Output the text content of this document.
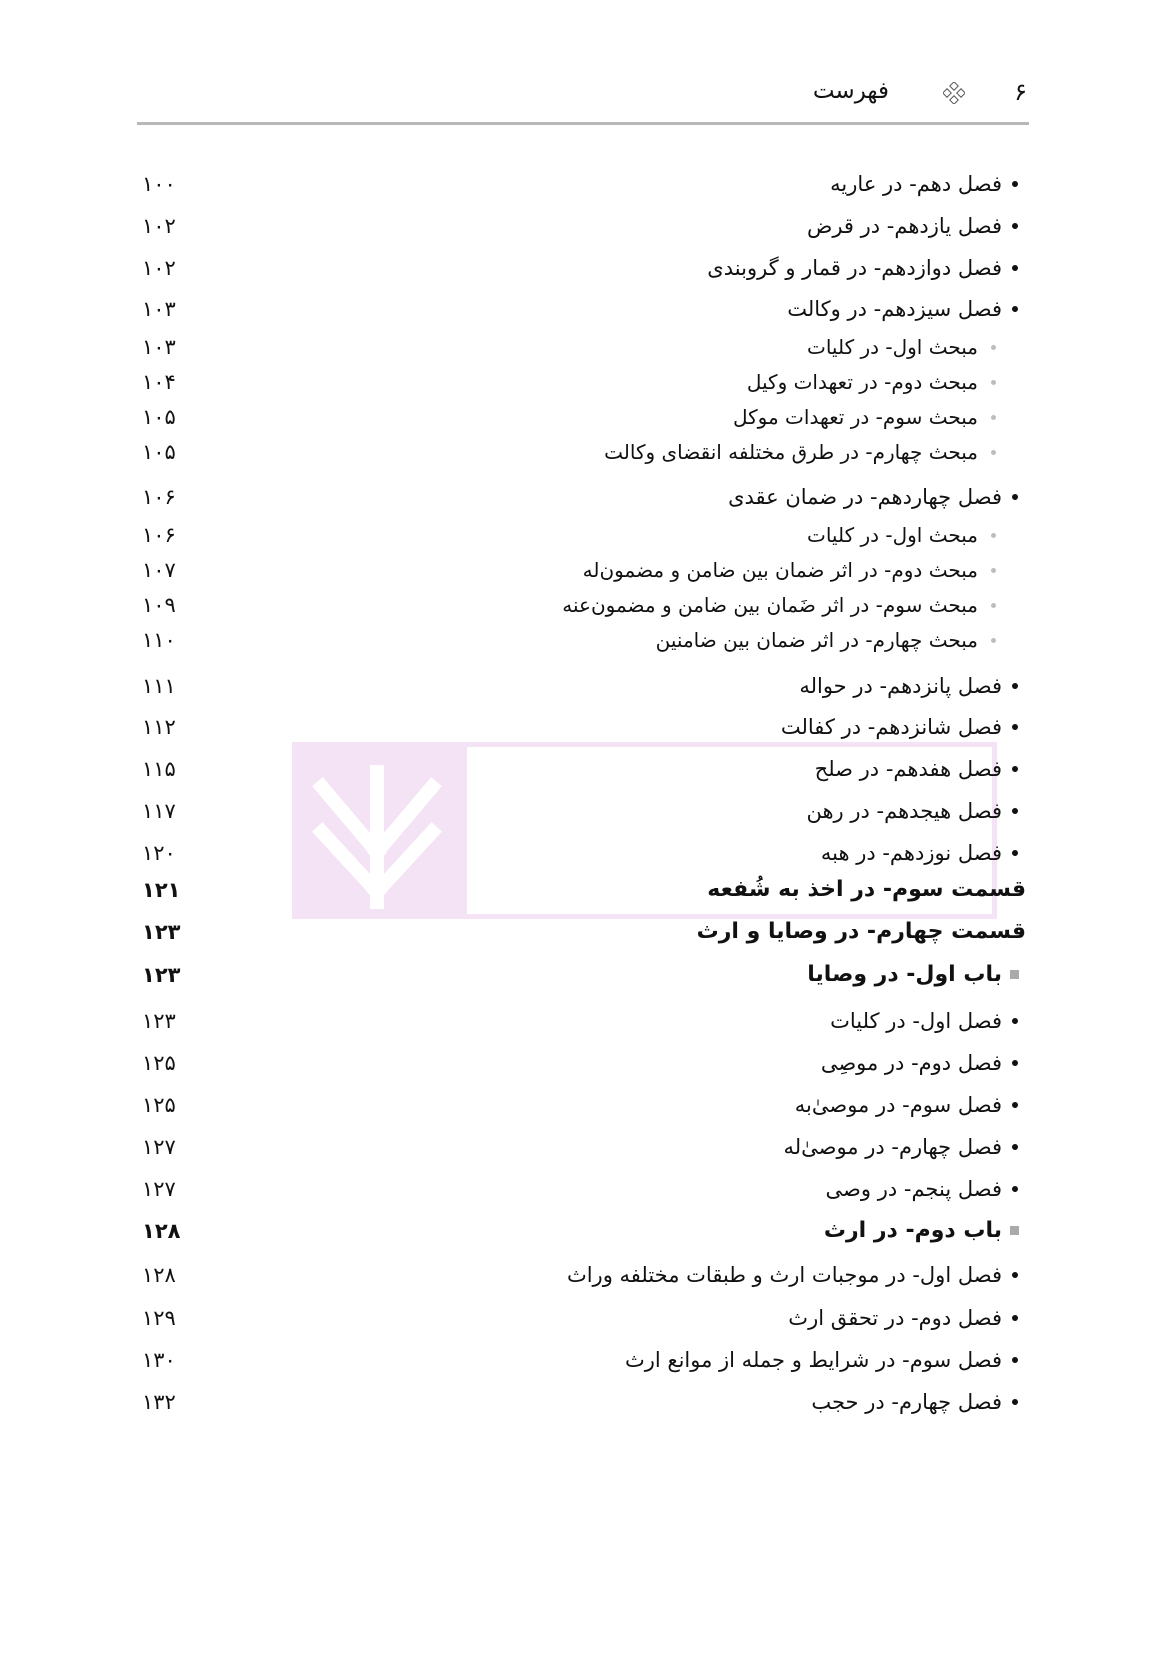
۶
فهرست
فصل دهم- در عاریه
۱۰۰
فصل یازدهم- در قرض
۱۰۲
فصل دوازدهم- در قمار و گروبندی
۱۰۲
فصل سیزدهم- در وکالت
۱۰۳
مبحث اول- در کلیات
۱۰۳
مبحث دوم- در تعهدات وکیل
۱۰۴
مبحث سوم- در تعهدات موکل
۱۰۵
مبحث چهارم- در طرق مختلفه انقضای وکالت
۱۰۵
فصل چهاردهم- در ضمان عقدی
۱۰۶
مبحث اول- در کلیات
۱۰۶
مبحث دوم- در اثر ضمان بین ضامن و مضمون‌له
۱۰۷
مبحث سوم- در اثر ضَمان بین ضامن و مضمون‌عنه
۱۰۹
مبحث چهارم- در اثر ضمان بین ضامنین
۱۱۰
فصل پانزدهم- در حواله
۱۱۱
فصل شانزدهم- در کفالت
۱۱۲
فصل هفدهم- در صلح
۱۱۵
فصل هیجدهم- در رهن
۱۱۷
فصل نوزدهم- در هبه
۱۲۰
قسمت سوم- در اخذ به شُفعه
۱۲۱
قسمت چهارم- در وصایا و ارث
۱۲۳
باب اول- در وصایا
۱۲۳
فصل اول- در کلیات
۱۲۳
فصل دوم- در موصِی
۱۲۵
فصل سوم- در موصیٰ‌به
۱۲۵
فصل چهارم- در موصیٰ‌له
۱۲۷
فصل پنجم- در وصی
۱۲۷
باب دوم- در ارث
۱۲۸
فصل اول- در موجبات ارث و طبقات مختلفه وراث
۱۲۸
فصل دوم- در تحقق ارث
۱۲۹
فصل سوم- در شرایط و جمله از موانع ارث
۱۳۰
فصل چهارم- در حجب
۱۳۲
